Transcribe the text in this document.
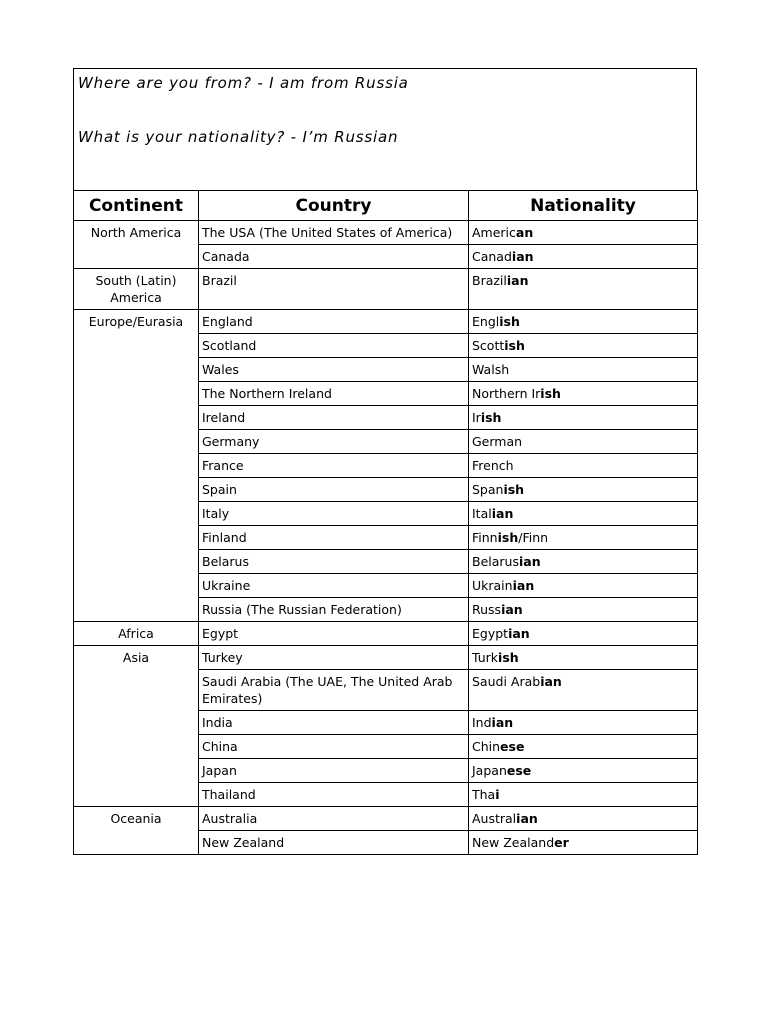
Where are you from? - I am from Russia

What is your nationality? - I’m Russian

Continent	Country	Nationality
North America	The USA (The United States of America)	American
	Canada	Canadian
South (Latin) America	Brazil	Brazilian
Europe/Eurasia	England	English
	Scotland	Scottish
	Wales	Walsh
	The Northern Ireland	Northern Irish
	Ireland	Irish
	Germany	German
	France	French
	Spain	Spanish
	Italy	Italian
	Finland	Finnish/Finn
	Belarus	Belarusian
	Ukraine	Ukrainian
	Russia (The Russian Federation)	Russian
Africa	Egypt	Egyptian
Asia	Turkey	Turkish
	Saudi Arabia (The UAE, The United Arab Emirates)	Saudi Arabian
	India	Indian
	China	Chinese
	Japan	Japanese
	Thailand	Thai
Oceania	Australia	Australian
	New Zealand	New Zealander
